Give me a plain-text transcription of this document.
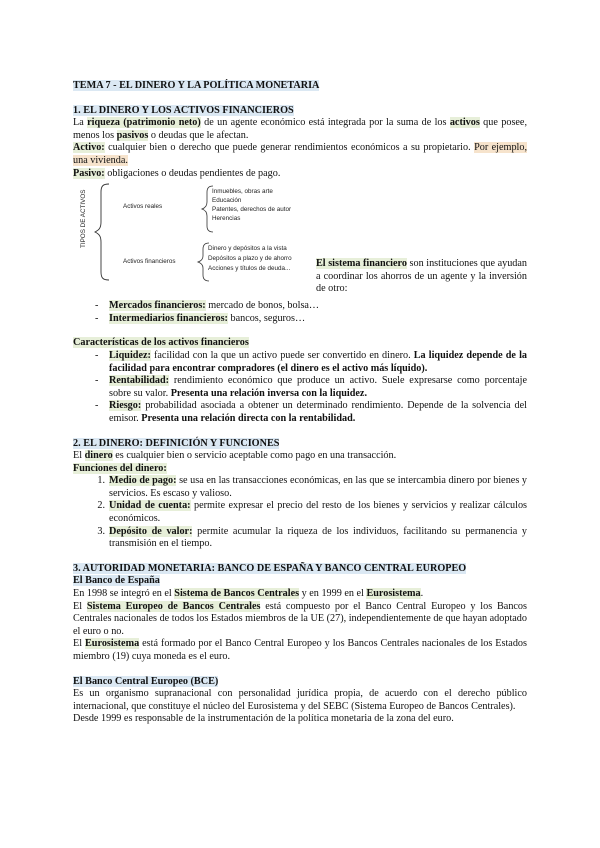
TEMA 7 - EL DINERO Y LA POLÍTICA MONETARIA

1. EL DINERO Y LOS ACTIVOS FINANCIEROS

La riqueza (patrimonio neto) de un agente económico está integrada por la suma de los activos que posee, menos los pasivos o deudas que le afectan.

Activo: cualquier bien o derecho que puede generar rendimientos económicos a su propietario. Por ejemplo, una vivienda.

Pasivo: obligaciones o deudas pendientes de pago.

TIPOS DE ACTIVOS	Activos reales
Inmuebles, obras arte
Educación
Patentes, derechos de autor
Herencias
Activos financieros
Dinero y depósitos a la vista
Depósitos a plazo y de ahorro
Acciones y títulos de deuda...	El sistema financiero son instituciones que ayudan a coordinar los ahorros de un agente y la inversión de otro:
- Mercados financieros: mercado de bonos, bolsa…
- Intermediarios financieros: bancos, seguros…

Características de los activos financieros

- Liquidez: facilidad con la que un activo puede ser convertido en dinero. La liquidez depende de la facilidad para encontrar compradores (el dinero es el activo más líquido).
- Rentabilidad: rendimiento económico que produce un activo. Suele expresarse como porcentaje sobre su valor. Presenta una relación inversa con la liquidez.
- Riesgo: probabilidad asociada a obtener un determinado rendimiento. Depende de la solvencia del emisor. Presenta una relación directa con la rentabilidad.

2. EL DINERO: DEFINICIÓN Y FUNCIONES

El dinero es cualquier bien o servicio aceptable como pago en una transacción.

Funciones del dinero:

1. Medio de pago: se usa en las transacciones económicas, en las que se intercambia dinero por bienes y servicios. Es escaso y valioso.
2. Unidad de cuenta: permite expresar el precio del resto de los bienes y servicios y realizar cálculos económicos.
3. Depósito de valor: permite acumular la riqueza de los individuos, facilitando su permanencia y transmisión en el tiempo.

3. AUTORIDAD MONETARIA: BANCO DE ESPAÑA Y BANCO CENTRAL EUROPEO

El Banco de España

En 1998 se integró en el Sistema de Bancos Centrales y en 1999 en el Eurosistema.

El Sistema Europeo de Bancos Centrales está compuesto por el Banco Central Europeo y los Bancos Centrales nacionales de todos los Estados miembros de la UE (27), independientemente de que hayan adoptado el euro o no.

El Eurosistema está formado por el Banco Central Europeo y los Bancos Centrales nacionales de los Estados miembro (19) cuya moneda es el euro.

El Banco Central Europeo (BCE)

Es un organismo supranacional con personalidad jurídica propia, de acuerdo con el derecho público internacional, que constituye el núcleo del Eurosistema y del SEBC (Sistema Europeo de Bancos Centrales).

Desde 1999 es responsable de la instrumentación de la política monetaria de la zona del euro.
